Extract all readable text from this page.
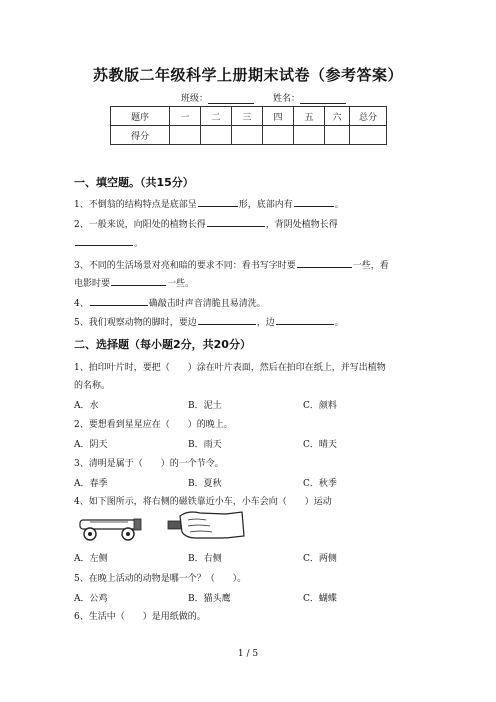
苏教版二年级科学上册期末试卷（参考答案）
班级：	姓名：
题序	一	二	三	四	五	六	总分
得分							
一、填空题。（共15分）
1、不倒翁的结构特点是底部呈	形，底部内有	。
2、一般来说，向阳处的植物长得	，背阴处植物长得
。
3、不同的生活场景对亮和暗的要求不同：看书写字时要	一些，看
电影时要	一些。
4、	确敲击时声音清脆且易清洗。
5、我们观察动物的脚时，要边	，边	。
二、选择题（每小题2分，共20分）
1、拍印叶片时，要把（　　）涂在叶片表面，然后在拍印在纸上，并写出植物
的名称。
A．水	B．泥土	C．颜料
2、要想看到星星应在（　　）的晚上。
A．阴天	B．雨天	C．晴天
3、清明是属于（　　）的一个节令。
A．春季	B．夏秋	C．秋季
4、如下图所示，将右侧的磁铁靠近小车，小车会向（　　）运动
A．左侧	B．右侧	C．两侧
5、在晚上活动的动物是哪一个？（　　）。
A．公鸡	B．猫头鹰	C．蝴蝶
6、生活中（　　）是用纸做的。
1 / 5
